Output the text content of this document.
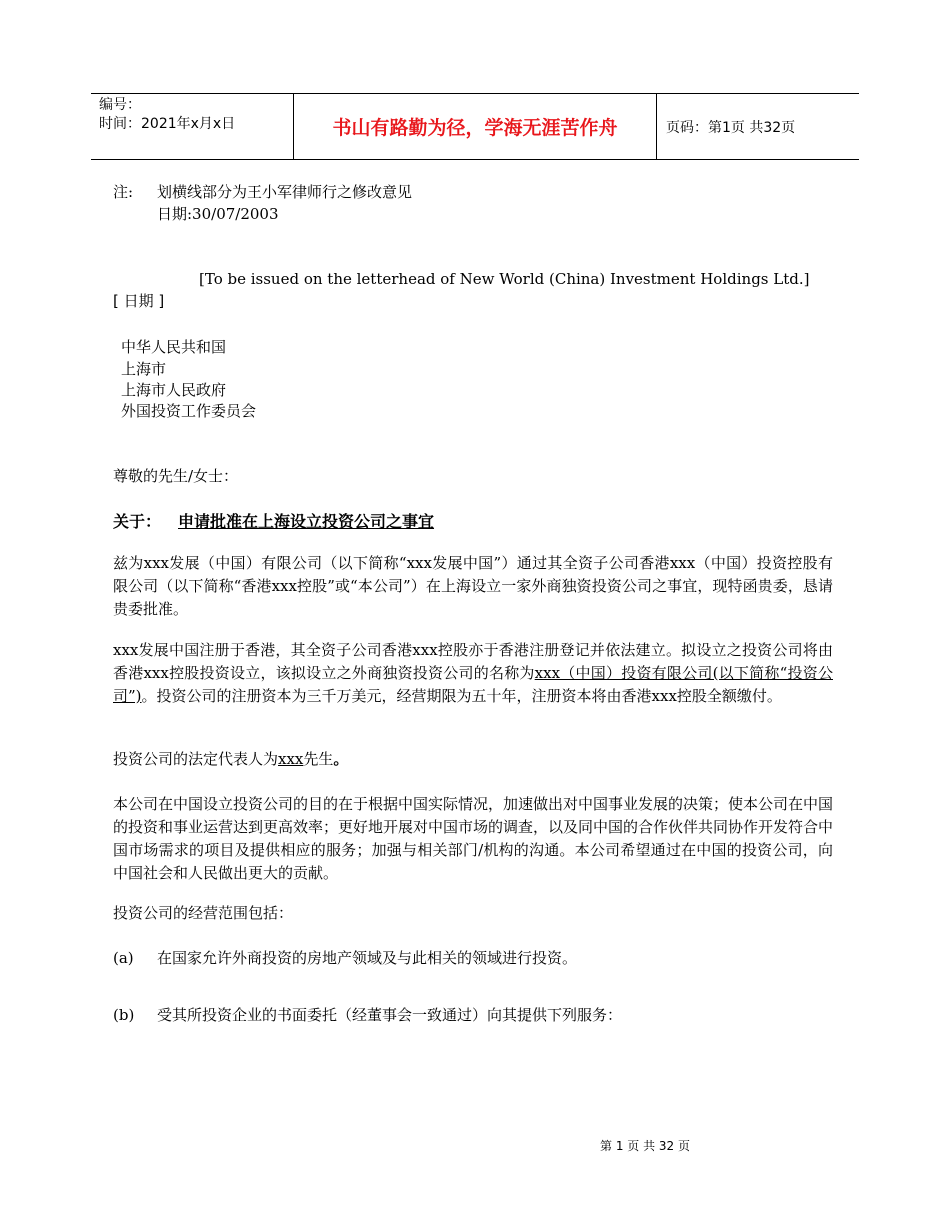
编号：
时间：2021年x月x日	书山有路勤为径，学海无涯苦作舟	页码：第1页 共32页
注: 划横线部分为王小军律师行之修改意见
日期:30/07/2003
[To be issued on the letterhead of New World (China) Investment Holdings Ltd.]
[ 日期 ]
中华人民共和国
上海市
上海市人民政府
外国投资工作委员会
尊敬的先生/女士：
关于： 申请批准在上海设立投资公司之事宜
兹为xxx发展（中国）有限公司（以下简称“xxx发展中国”）通过其全资子公司香港xxx（中国）投资控股有限公司（以下简称“香港xxx控股”或“本公司”）在上海设立一家外商独资投资公司之事宜，现特函贵委，恳请贵委批准。
xxx发展中国注册于香港，其全资子公司香港xxx控股亦于香港注册登记并依法建立。拟设立之投资公司将由香港xxx控股投资设立，该拟设立之外商独资投资公司的名称为xxx（中国）投资有限公司(以下简称“投资公司”)。投资公司的注册资本为三千万美元，经营期限为五十年，注册资本将由香港xxx控股全额缴付。
投资公司的法定代表人为xxx先生。
本公司在中国设立投资公司的目的在于根据中国实际情况，加速做出对中国事业发展的决策；使本公司在中国的投资和事业运营达到更高效率；更好地开展对中国市场的调查，以及同中国的合作伙伴共同协作开发符合中国市场需求的项目及提供相应的服务；加强与相关部门/机构的沟通。本公司希望通过在中国的投资公司，向中国社会和人民做出更大的贡献。
投资公司的经营范围包括：
(a) 在国家允许外商投资的房地产领域及与此相关的领域进行投资。
(b) 受其所投资企业的书面委托（经董事会一致通过）向其提供下列服务：
第 1 页 共 32 页
